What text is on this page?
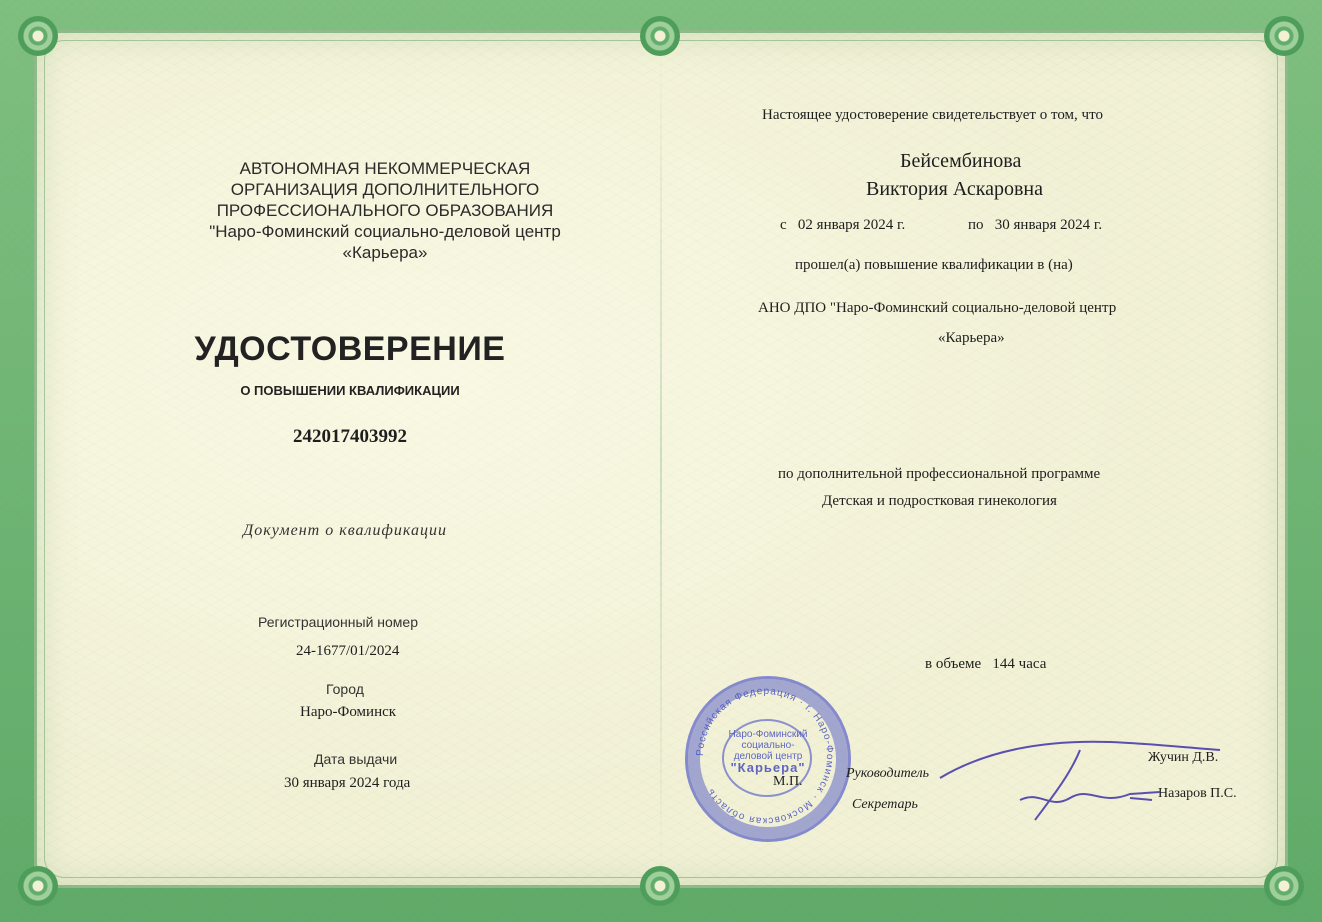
АВТОНОМНАЯ НЕКОММЕРЧЕСКАЯ
ОРГАНИЗАЦИЯ ДОПОЛНИТЕЛЬНОГО
ПРОФЕССИОНАЛЬНОГО ОБРАЗОВАНИЯ
"Наро-Фоминский социально-деловой центр
«Карьера»
УДОСТОВЕРЕНИЕ
О ПОВЫШЕНИИ КВАЛИФИКАЦИИ
242017403992
Документ о квалификации
Регистрационный номер
24-1677/01/2024
Город
Наро-Фоминск
Дата выдачи
30 января 2024 года
Настоящее удостоверение свидетельствует о том, что
Бейсембинова
Виктория Аскаровна
с 02 января 2024 г.	по 30 января 2024 г.
прошел(а) повышение квалификации в (на)
АНО ДПО "Наро-Фоминский социально-деловой центр
«Карьера»
по дополнительной профессиональной программе
Детская и подростковая гинекология
в объеме 144 часа
Российская Федерация · г. Наро-Фоминск · Московская область
Наро-Фоминский
социально-
деловой центр
"Карьера"
М.П.
Руководитель
Жучин Д.В.
Секретарь
Назаров П.С.
